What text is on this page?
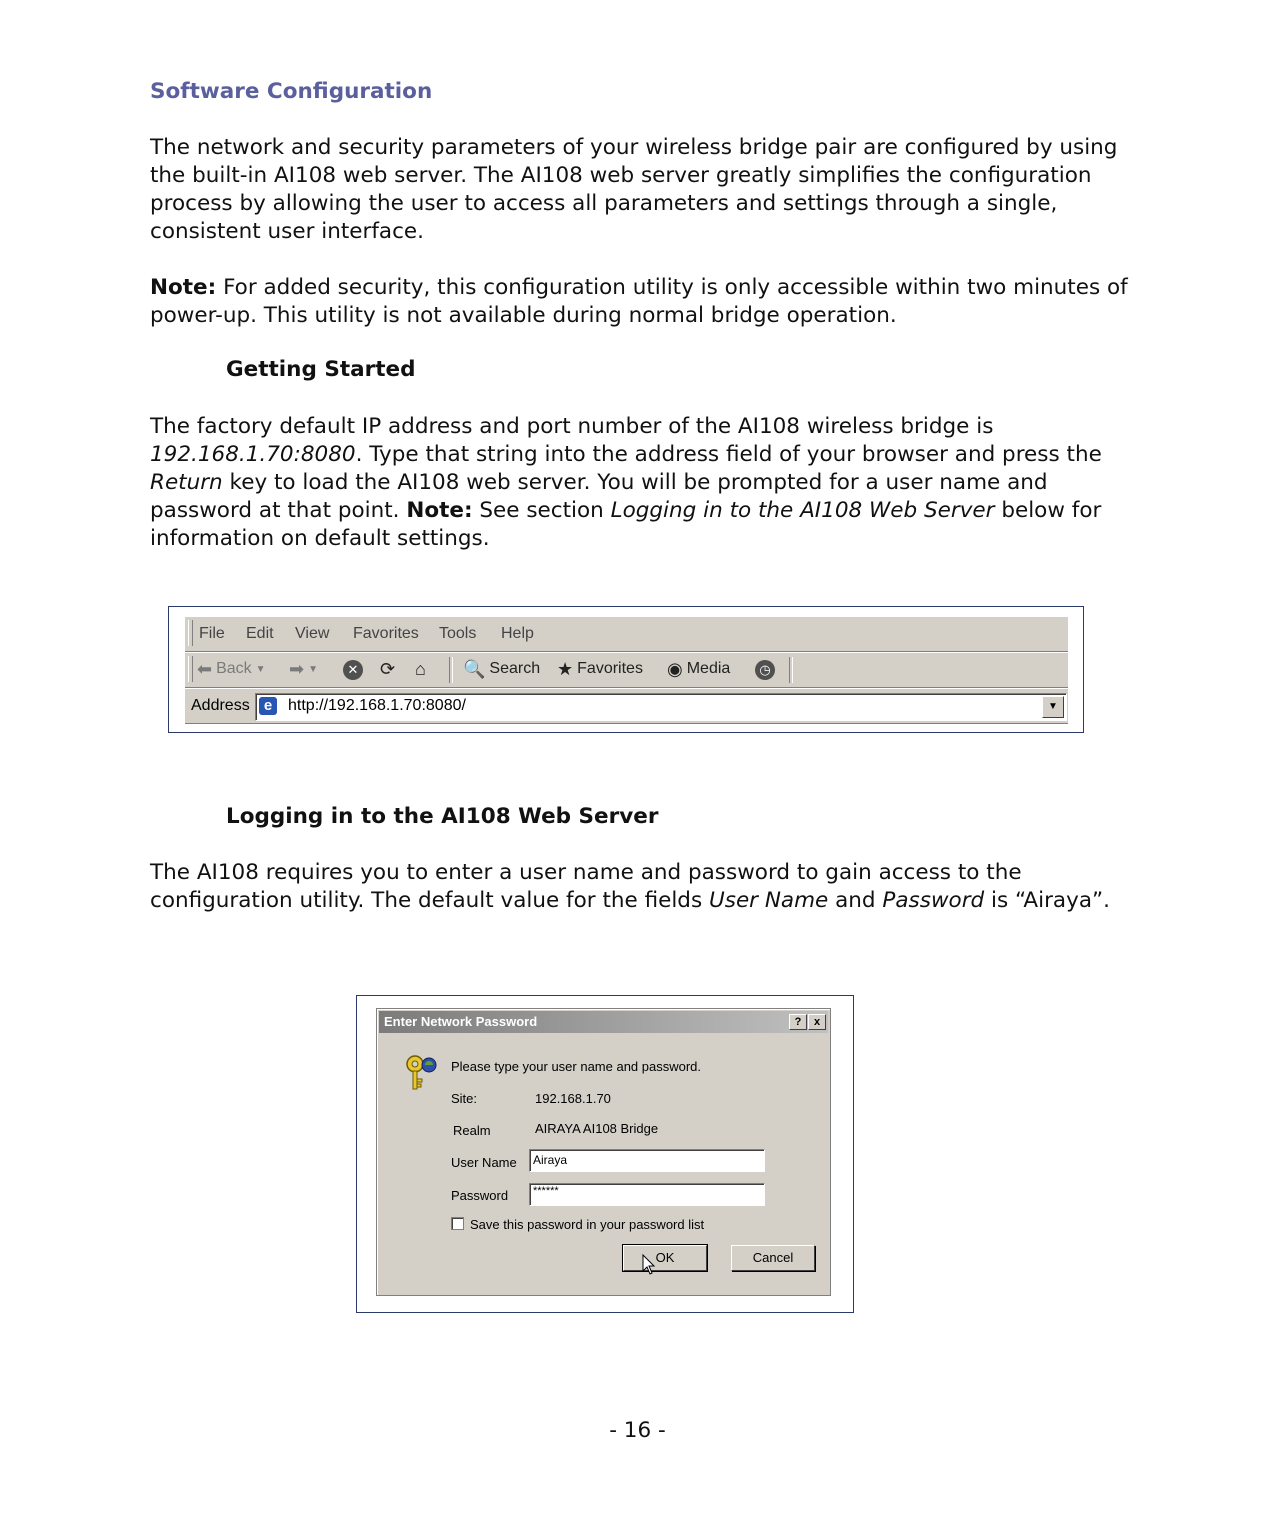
Software Configuration

The network and security parameters of your wireless bridge pair are configured by using the built-in AI108 web server. The AI108 web server greatly simplifies the configuration process by allowing the user to access all parameters and settings through a single, consistent user interface.

Note: For added security, this configuration utility is only accessible within two minutes of power-up. This utility is not available during normal bridge operation.

Getting Started

The factory default IP address and port number of the AI108 wireless bridge is 192.168.1.70:8080. Type that string into the address field of your browser and press the Return key to load the AI108 web server. You will be prompted for a user name and password at that point. Note: See section Logging in to the AI108 Web Server below for information on default settings.

File Edit View Favorites Tools Help
⬅ Back ▼ ➡ ▼	✕ ⟳ ⌂ 🔍 Search ★ Favorites ◉ Media	◷
Address e http://192.168.1.70:8080/	▼
Logging in to the AI108 Web Server

The AI108 requires you to enter a user name and password to gain access to the configuration utility. The default value for the fields User Name and Password is “Airaya”.

Enter Network Password	?	x
Please type your user name and password.
Site:	192.168.1.70
Realm	AIRAYA AI108 Bridge
User Name Airaya
Password ******
Save this password in your password list
OK	Cancel
- 16 -
